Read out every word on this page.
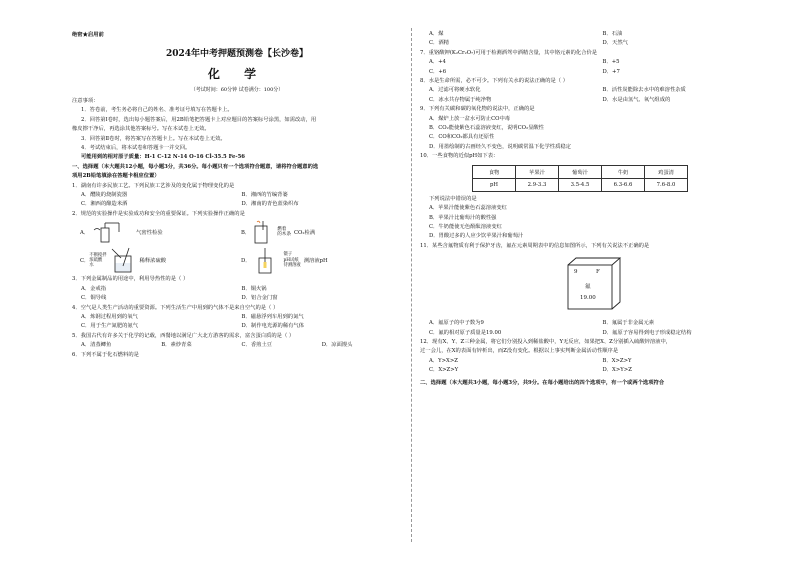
绝密★启用前
2024年中考押题预测卷【长沙卷】
化 学
（考试时间：60分钟 试卷满分：100分）
注意事项：
1．答卷前，考生务必将自己的姓名、准考证号填写在答题卡上。
2．回答第Ⅰ卷时，选出每小题答案后，用2B铅笔把答题卡上对应题目的答案标号涂黑，如需改动，用
橡皮擦干净后，再选涂其他答案标号。写在本试卷上无效。
3．回答第Ⅱ卷时，将答案写在答题卡上。写在本试卷上无效。
4．考试结束后，将本试卷和答题卡一并交回。
可能用到的相对原子质量：H-1 C-12 N-14 O-16 Cl-35.5 Fe-56
一、选择题（本大题共12小题，每小题3分，共36分。每小题只有一个选项符合题意，请将符合题意的选
项用2B铅笔填涂在答题卡相应位置）
1．湖南有许多民族工艺。下列民族工艺涉及的变化属于物理变化的是
A．醴陵的烧制瓷器	B．湘西的竹编背篓
C．湘西的酿造米酒	D．湘南的青色蓝染织布
2．规范的实验操作是实验成功和安全的重要保证。下列实验操作正确的是
A．	气密性检验	B．
燃着
的木条 CO₂检满
C．
不断搅拌
浓硫酸
水
稀释浓硫酸	D．
镊子
pH试纸
待测溶液
测溶液pH
3．下列金属制品的用途中，利用导热性的是（ ）
A．金戒指	B．铜火锅
C．铜导线	D．铝合金门窗
4．空气是人类生产活动的重要资源。下列生活生产中用到的气体不是来自空气的是（ ）
A．炼钢过程用到的氧气	B．磁悬浮列车用到的氮气
C．用于生产氮肥的氨气	D．制作电光源的稀有气体
5．我国古代有许多关于化学的记载，西餐地以满足广大北方游客的需求，富含蛋白质的是（ ）
A．清蒸鲫鱼	B．素炒青菜	C．香煎土豆	D．凉面馒头
6．下列不属于化石燃料的是
A．煤	B．石油
C．酒精	D．天然气
7．重铬酸钾(K₂Cr₂O₇)可用于检测酒驾中酒精含量，其中铬元素的化合价是
A．+4	B．+5
C．+6	D．+7
8．水是生命所需，必不可少。下列有关水的说法正确的是（ ）
A．过滤可将硬水软化	B．活性炭能除去水中的难溶性杂质
C．冰水共存物属于纯净物	D．水是由氢气、氧气组成的
9．下列有关碳和碳的氧化物的说法中，正确的是
A．煤炉上放一盆水可防止CO中毒
B．CO₂能使紫色石蕊溶液变红，说明CO₂显酸性
C．CO和CO₂都具有还原性
D．用墨绘制的古画经久不变色，说明碳常温下化学性质稳定
10．一些食物的近似pH如下表：
食物	苹果汁	葡萄汁	牛奶	鸡蛋清
pH	2.9-3.3	3.5-4.5	6.3-6.6	7.6-8.0
下列说法中错误的是
A．苹果汁能使紫色石蕊溶液变红
B．苹果汁比葡萄汁的酸性强
C．牛奶能使无色酚酞溶液变红
D．胃酸过多的人应少饮苹果汁和葡萄汁
11．某些含氟物质有利于保护牙齿，氟在元素周期表中的信息如图所示，下列有关说法不正确的是
9	F
氟
19.00
A．氟原子的中子数为9	B．氟属于非金属元素
C．氟的相对原子质量是19.00	D．氟原子容易得到电子形成稳定结构
12．现有X、Y、Z三种金属，将它们分别投入到稀盐酸中，Y无反应，如果把X、Z分别插入硫酸锌溶液中，
过一会儿，在X的表面有锌析出，而Z没有变化。根据以上事实判断金属活动性顺序是
A．Y>X>Z	B．X>Z>Y
C．X>Z>Y	D．X>Y>Z
二、选择题（本大题共3小题，每小题3分，共9分。在每小题给出的四个选项中，有一个或两个选项符合
